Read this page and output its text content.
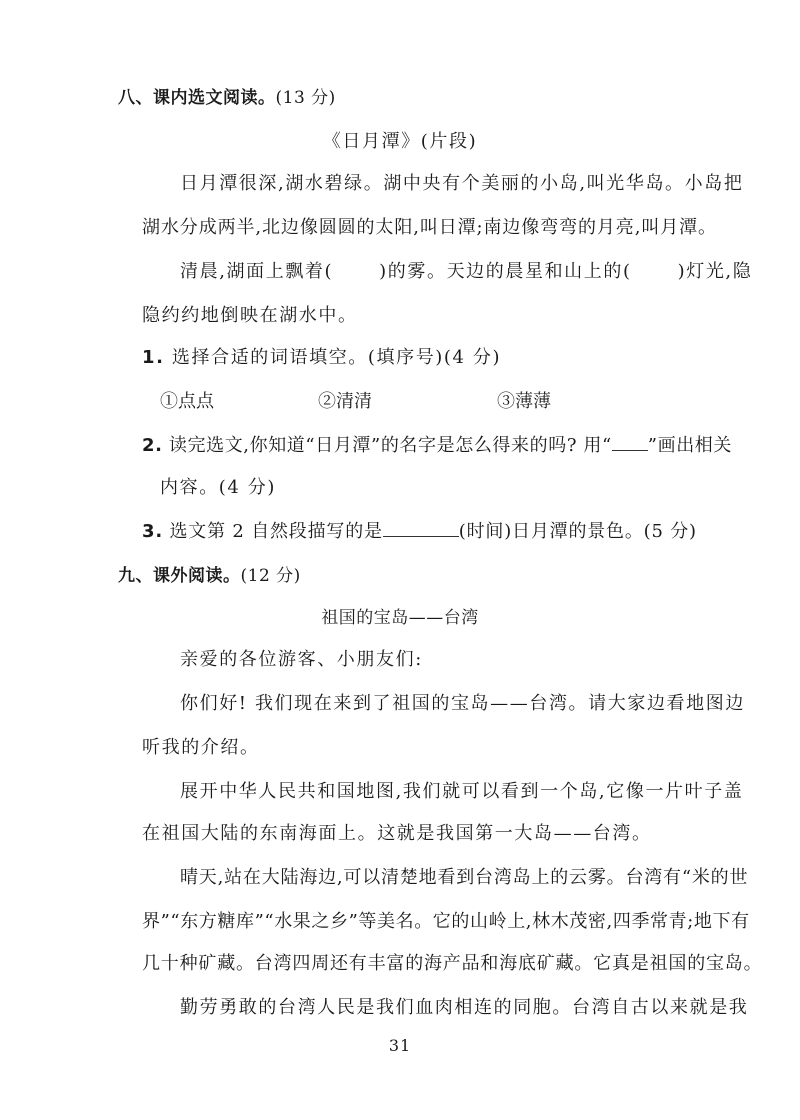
八、课内选文阅读。(13 分)
《日月潭》(片段)
日月潭很深,湖水碧绿。湖中央有个美丽的小岛,叫光华岛。小岛把
湖水分成两半,北边像圆圆的太阳,叫日潭;南边像弯弯的月亮,叫月潭。
清晨,湖面上飘着(	)的雾。天边的晨星和山上的(	)灯光,隐
隐约约地倒映在湖水中。
1. 选择合适的词语填空。(填序号)(4 分)
①点点	②清清	③薄薄
2. 读完选文,你知道“日月潭”的名字是怎么得来的吗? 用“ ”画出相关
内容。(4 分)
3. 选文第 2 自然段描写的是	(时间)日月潭的景色。(5 分)
九、课外阅读。(12 分)
祖国的宝岛——台湾
亲爱的各位游客、小朋友们:
你们好! 我们现在来到了祖国的宝岛——台湾。请大家边看地图边
听我的介绍。
展开中华人民共和国地图,我们就可以看到一个岛,它像一片叶子盖
在祖国大陆的东南海面上。这就是我国第一大岛——台湾。
晴天,站在大陆海边,可以清楚地看到台湾岛上的云雾。台湾有“米的世
界”“东方糖库”“水果之乡”等美名。它的山岭上,林木茂密,四季常青;地下有
几十种矿藏。台湾四周还有丰富的海产品和海底矿藏。它真是祖国的宝岛。
勤劳勇敢的台湾人民是我们血肉相连的同胞。台湾自古以来就是我
31
